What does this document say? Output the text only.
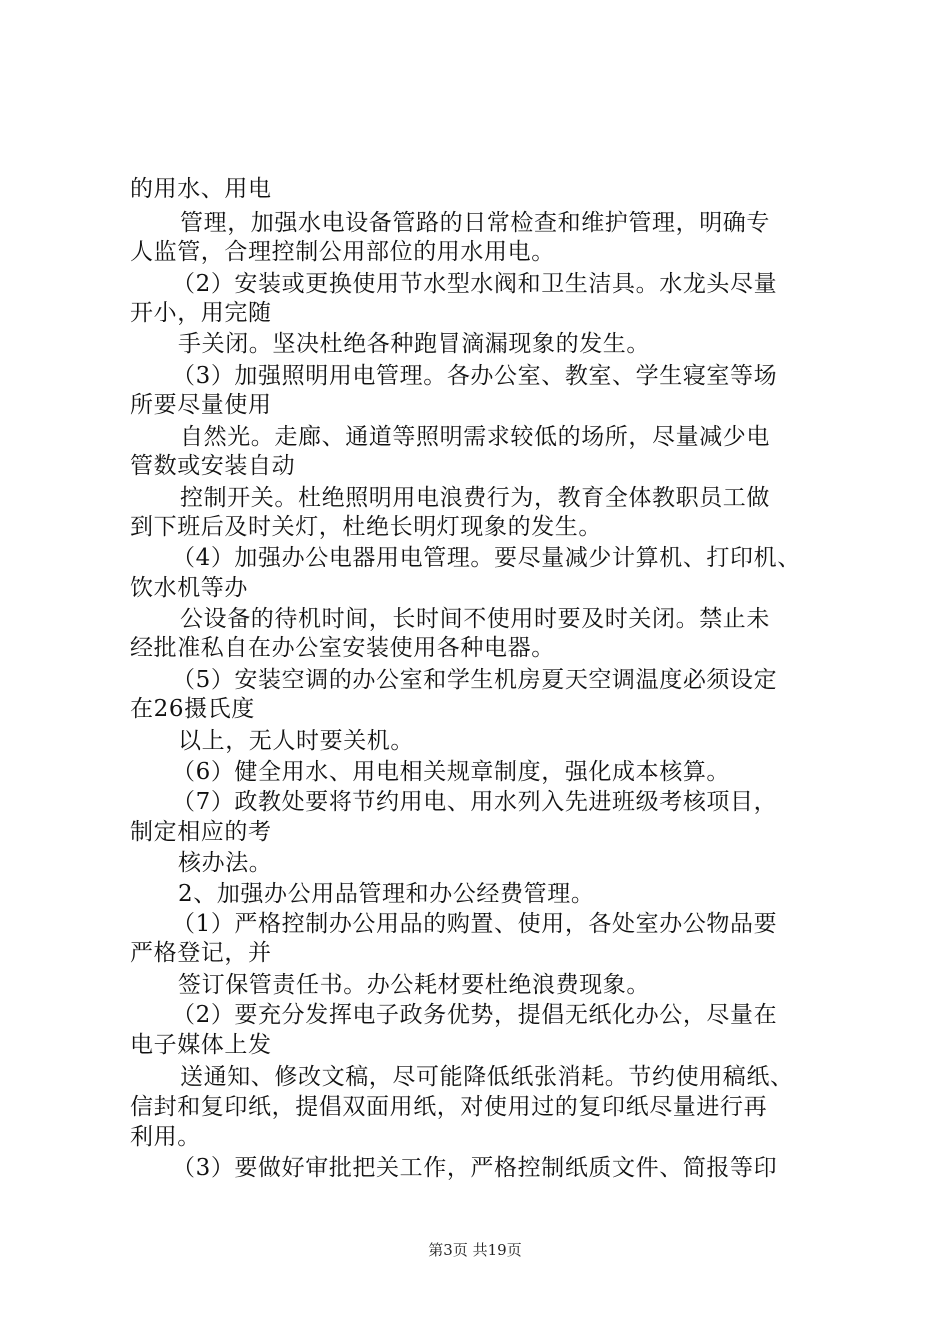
的用水、用电
管理，加强水电设备管路的日常检查和维护管理，明确专
人监管，合理控制公用部位的用水用电。
（2）安装或更换使用节水型水阀和卫生洁具。水龙头尽量
开小，用完随
手关闭。坚决杜绝各种跑冒滴漏现象的发生。
（3）加强照明用电管理。各办公室、教室、学生寝室等场
所要尽量使用
自然光。走廊、通道等照明需求较低的场所，尽量减少电
管数或安装自动
控制开关。杜绝照明用电浪费行为，教育全体教职员工做
到下班后及时关灯，杜绝长明灯现象的发生。
（4）加强办公电器用电管理。要尽量减少计算机、打印机、
饮水机等办
公设备的待机时间，长时间不使用时要及时关闭。禁止未
经批准私自在办公室安装使用各种电器。
（5）安装空调的办公室和学生机房夏天空调温度必须设定
在26摄氏度
以上，无人时要关机。
（6）健全用水、用电相关规章制度，强化成本核算。
（7）政教处要将节约用电、用水列入先进班级考核项目，
制定相应的考
核办法。
2、加强办公用品管理和办公经费管理。
（1）严格控制办公用品的购置、使用，各处室办公物品要
严格登记，并
签订保管责任书。办公耗材要杜绝浪费现象。
（2）要充分发挥电子政务优势，提倡无纸化办公，尽量在
电子媒体上发
送通知、修改文稿，尽可能降低纸张消耗。节约使用稿纸、
信封和复印纸，提倡双面用纸，对使用过的复印纸尽量进行再
利用。
（3）要做好审批把关工作，严格控制纸质文件、简报等印
第3页 共19页
